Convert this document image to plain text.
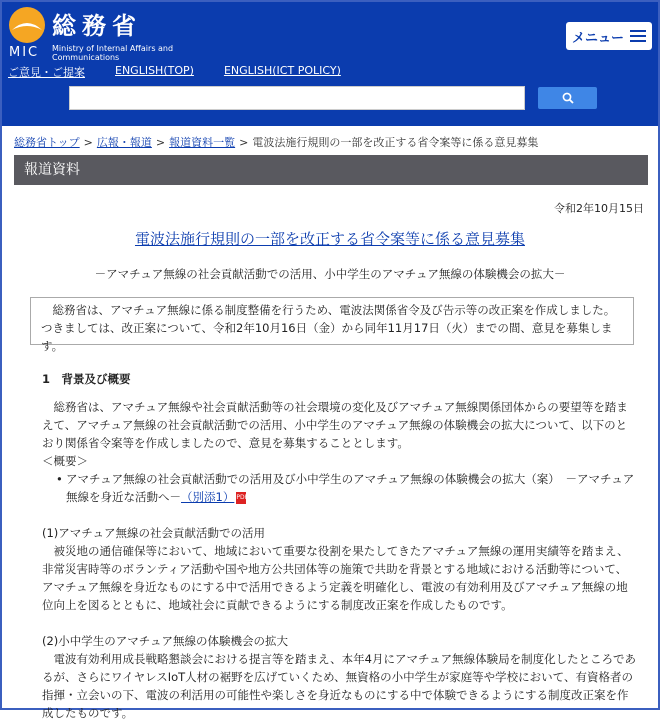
MIC
総務省
Ministry of Internal Affairs and Communications
メニュー
ご意見・ご提案	ENGLISH(TOP)	ENGLISH(ICT POLICY)
総務省トップ > 広報・報道 > 報道資料一覧 > 電波法施行規則の一部を改正する省令案等に係る意見募集
報道資料
令和2年10月15日
電波法施行規則の一部を改正する省令案等に係る意見募集
－アマチュア無線の社会貢献活動での活用、小中学生のアマチュア無線の体験機会の拡大－

総務省は、アマチュア無線に係る制度整備を行うため、電波法関係省令及び告示等の改正案を作成しました。つきましては、改正案について、令和2年10月16日（金）から同年11月17日（火）までの間、意見を募集します。

1　背景及び概要

総務省は、アマチュア無線や社会貢献活動等の社会環境の変化及びアマチュア無線関係団体からの要望等を踏まえて、アマチュア無線の社会貢献活動での活用、小中学生のアマチュア無線の体験機会の拡大について、以下のとおり関係省令案等を作成しましたので、意見を募集することとします。

＜概要＞

• アマチュア無線の社会貢献活動での活用及び小中学生のアマチュア無線の体験機会の拡大（案）　－アマチュア無線を身近な活動へ－（別添1） PDF

(1)アマチュア無線の社会貢献活動での活用

被災地の通信確保等において、地域において重要な役割を果たしてきたアマチュア無線の運用実績等を踏まえ、非常災害時等のボランティア活動や国や地方公共団体等の施策で共助を背景とする地域における活動等について、アマチュア無線を身近なものにする中で活用できるよう定義を明確化し、電波の有効利用及びアマチュア無線の地位向上を図るとともに、地域社会に貢献できるようにする制度改正案を作成したものです。

(2)小中学生のアマチュア無線の体験機会の拡大

電波有効利用成長戦略懇談会における提言等を踏まえ、本年4月にアマチュア無線体験局を制度化したところであるが、さらにワイヤレスIoT人材の裾野を広げていくため、無資格の小中学生が家庭等や学校において、有資格者の指揮・立会いの下、電波の利活用の可能性や楽しさを身近なものにする中で体験できるようにする制度改正案を作成したものです。
